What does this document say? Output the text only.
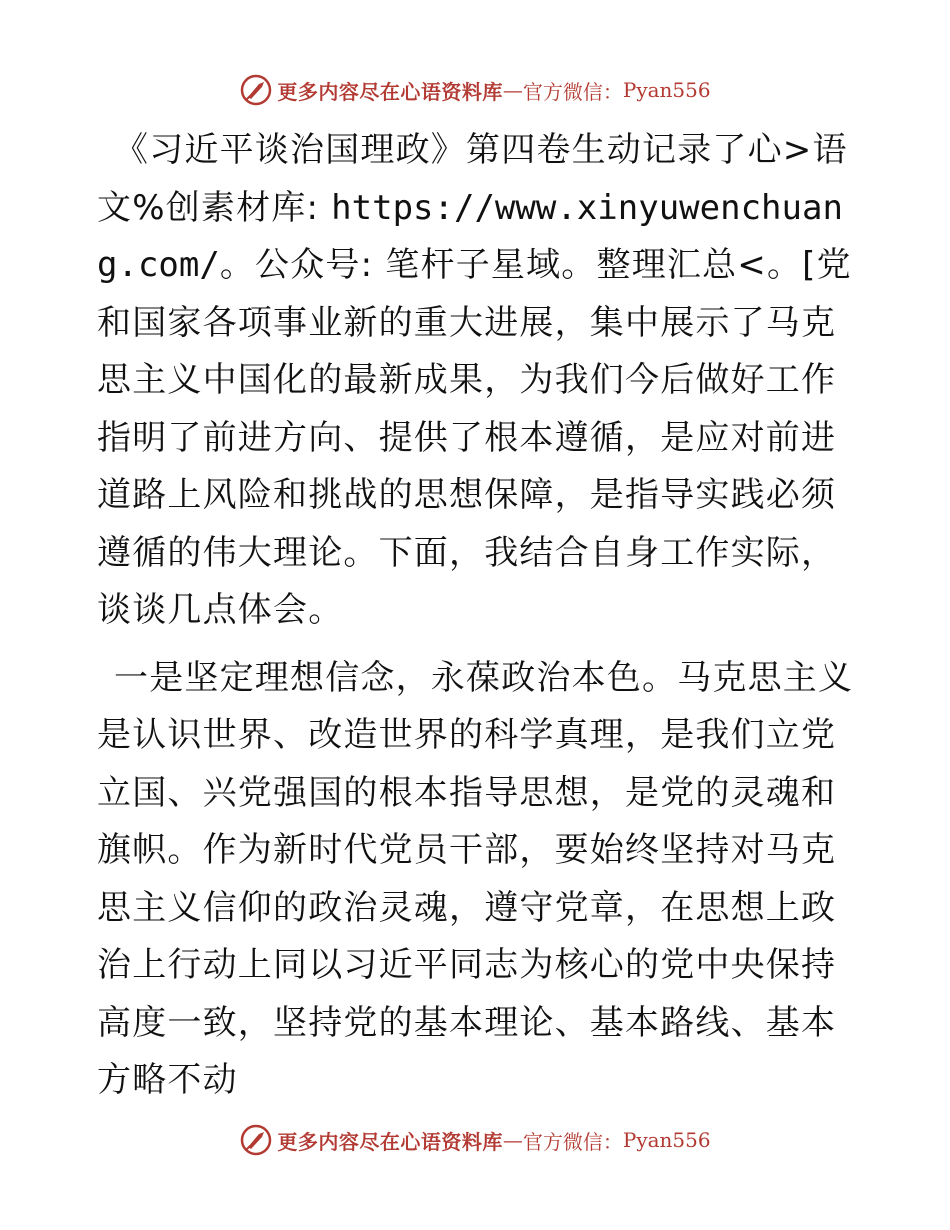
更多内容尽在心语资料库 — 官方微信： Pyan556

《习近平谈治国理政》第四卷生动记录了心>语文%创素材库: https://www.xinyuwenchuang.com/。公众号: 笔杆子星域。整理汇总<。[党和国家各项事业新的重大进展，集中展示了马克思主义中国化的最新成果，为我们今后做好工作指明了前进方向、提供了根本遵循，是应对前进道路上风险和挑战的思想保障，是指导实践必须遵循的伟大理论。下面，我结合自身工作实际，谈谈几点体会。

一是坚定理想信念，永葆政治本色。马克思主义是认识世界、改造世界的科学真理，是我们立党立国、兴党强国的根本指导思想，是党的灵魂和旗帜。作为新时代党员干部，要始终坚持对马克思主义信仰的政治灵魂，遵守党章，在思想上政治上行动上同以习近平同志为核心的党中央保持高度一致，坚持党的基本理论、基本路线、基本方略不动

更多内容尽在心语资料库 — 官方微信： Pyan556
